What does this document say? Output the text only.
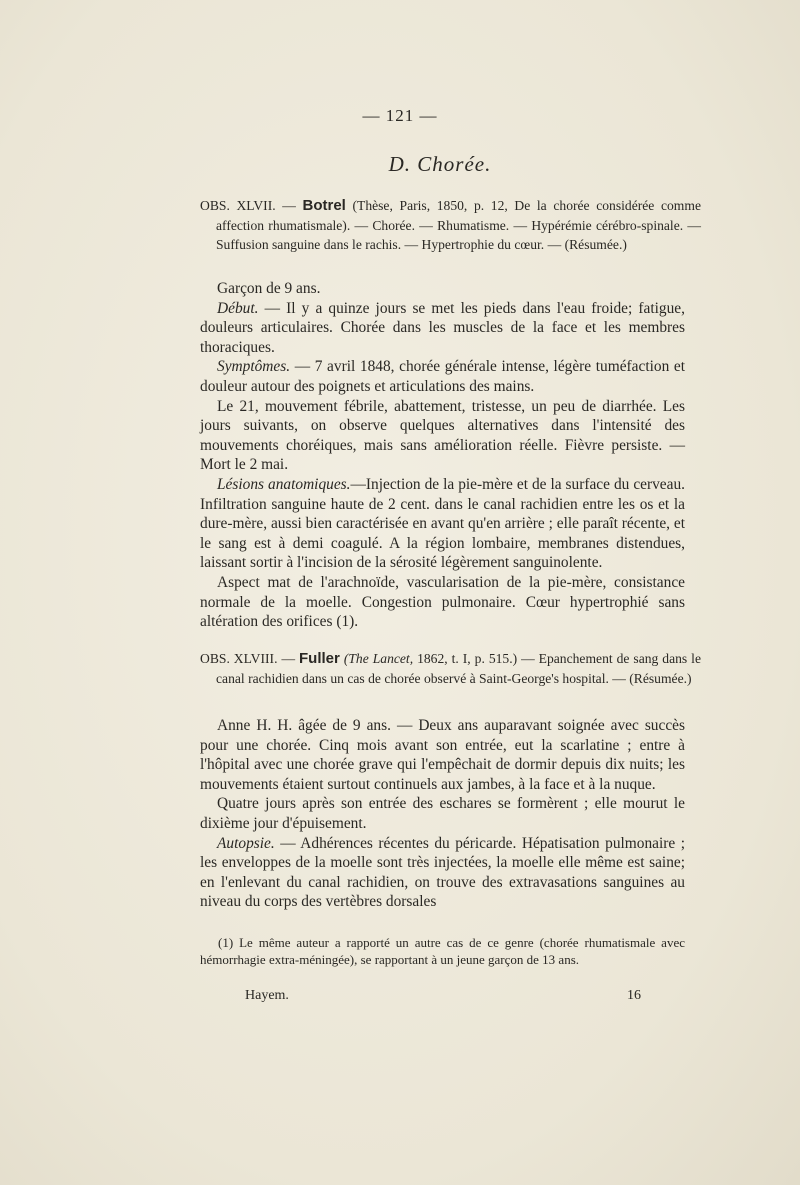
— 121 —
D. Chorée.
OBS. XLVII. — Botrel (Thèse, Paris, 1850, p. 12, De la chorée considérée comme affection rhumatismale). — Chorée. — Rhumatisme. — Hypérémie cérébro-spinale. — Suffusion sanguine dans le rachis. — Hypertrophie du cœur. — (Résumée.)

Garçon de 9 ans.

Début. — Il y a quinze jours se met les pieds dans l'eau froide; fatigue, douleurs articulaires. Chorée dans les muscles de la face et les membres thoraciques.

Symptômes. — 7 avril 1848, chorée générale intense, légère tuméfaction et douleur autour des poignets et articulations des mains.

Le 21, mouvement fébrile, abattement, tristesse, un peu de diarrhée. Les jours suivants, on observe quelques alternatives dans l'intensité des mouvements choréiques, mais sans amélioration réelle. Fièvre persiste. — Mort le 2 mai.

Lésions anatomiques.—Injection de la pie-mère et de la surface du cerveau. Infiltration sanguine haute de 2 cent. dans le canal rachidien entre les os et la dure-mère, aussi bien caractérisée en avant qu'en arrière ; elle paraît récente, et le sang est à demi coagulé. A la région lombaire, membranes distendues, laissant sortir à l'incision de la sérosité légèrement sanguinolente.

Aspect mat de l'arachnoïde, vascularisation de la pie-mère, consistance normale de la moelle. Congestion pulmonaire. Cœur hypertrophié sans altération des orifices (1).

OBS. XLVIII. — Fuller (The Lancet, 1862, t. I, p. 515.) — Epanchement de sang dans le canal rachidien dans un cas de chorée observé à Saint-George's hospital. — (Résumée.)

Anne H. H. âgée de 9 ans. — Deux ans auparavant soignée avec succès pour une chorée. Cinq mois avant son entrée, eut la scarlatine ; entre à l'hôpital avec une chorée grave qui l'empêchait de dormir depuis dix nuits; les mouvements étaient surtout continuels aux jambes, à la face et à la nuque.

Quatre jours après son entrée des eschares se formèrent ; elle mourut le dixième jour d'épuisement.

Autopsie. — Adhérences récentes du péricarde. Hépatisation pulmonaire ; les enveloppes de la moelle sont très injectées, la moelle elle même est saine; en l'enlevant du canal rachidien, on trouve des extravasations sanguines au niveau du corps des vertèbres dorsales

(1) Le même auteur a rapporté un autre cas de ce genre (chorée rhumatismale avec hémorrhagie extra-méningée), se rapportant à un jeune garçon de 13 ans.

Hayem.	16
